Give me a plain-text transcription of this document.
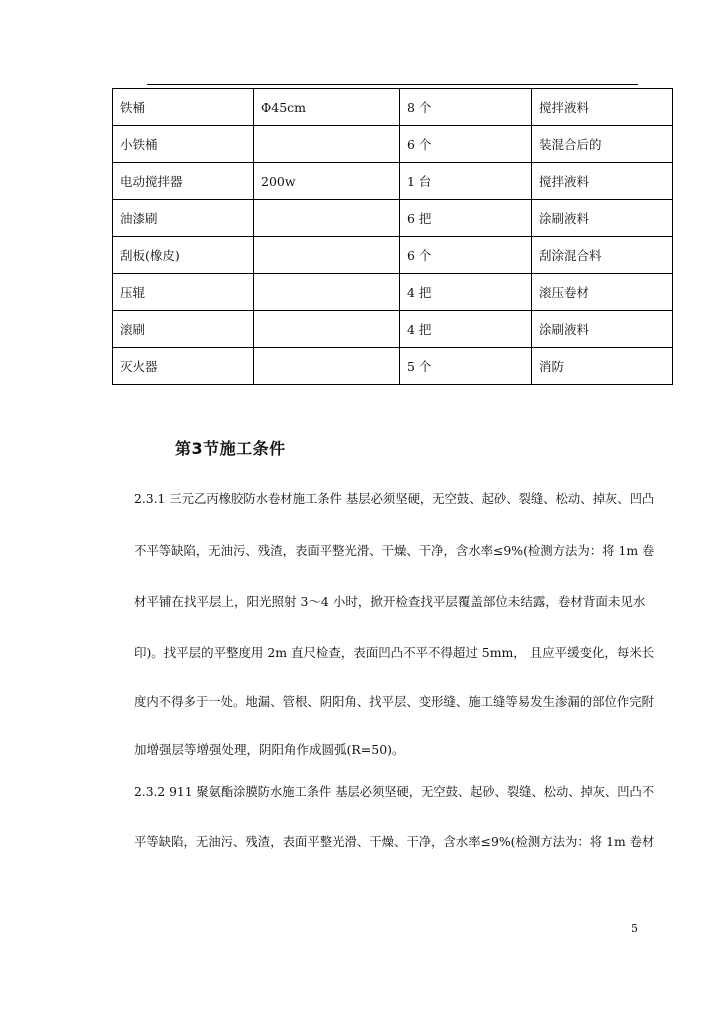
铁桶	Φ45cm	8 个	搅拌液料
小铁桶		6 个	装混合后的
电动搅拌器	200w	1 台	搅拌液料
油漆刷		6 把	涂刷液料
刮板(橡皮)		6 个	刮涂混合料
压辊		4 把	滚压卷材
滚刷		4 把	涂刷液料
灭火器		5 个	消防
第3节施工条件

2.3.1 三元乙丙橡胶防水卷材施工条件 基层必须坚硬，无空鼓、起砂、裂缝、松动、掉灰、凹凸

不平等缺陷，无油污、残渣，表面平整光滑、干燥、干净，含水率≤9%(检测方法为：将 1m 卷

材平铺在找平层上，阳光照射 3～4 小时，掀开检查找平层覆盖部位未结露，卷材背面未见水

印)。找平层的平整度用 2m 直尺检查，表面凹凸不平不得超过 5mm， 且应平缓变化，每米长

度内不得多于一处。地漏、管根、阴阳角、找平层、变形缝、施工缝等易发生渗漏的部位作完附

加增强层等增强处理，阴阳角作成圆弧(R=50)。

2.3.2 911 聚氨酯涂膜防水施工条件 基层必须坚硬，无空鼓、起砂、裂缝、松动、掉灰、凹凸不

平等缺陷，无油污、残渣，表面平整光滑、干燥、干净，含水率≤9%(检测方法为：将 1m 卷材

5
